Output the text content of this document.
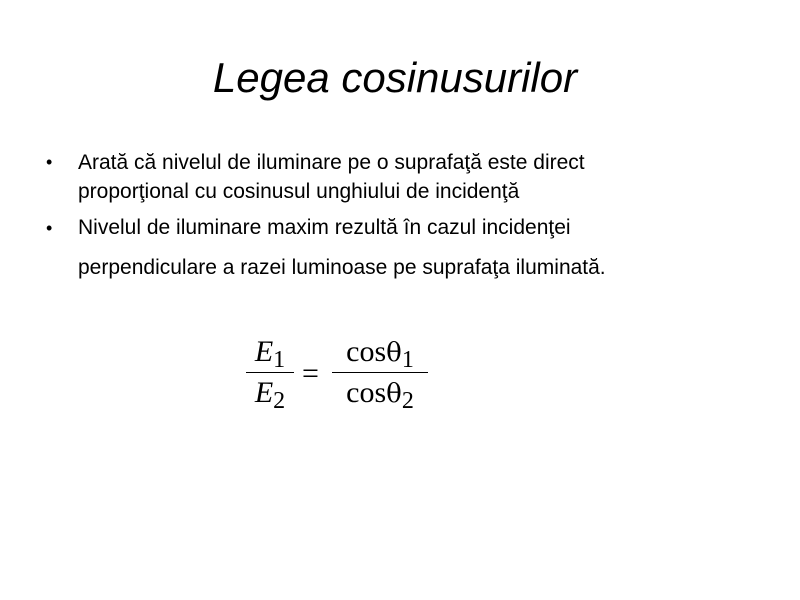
Legea cosinusurilor
•	Arată că nivelul de iluminare pe o suprafaţă este direct
proporţional cu cosinusul unghiului de incidenţă
•	Nivelul de iluminare maxim rezultă în cazul incidenţei
perpendiculare a razei luminoase pe suprafaţa iluminată.
$E_1$
$E_2$
=
cosθ$_1$
cosθ$_2$
